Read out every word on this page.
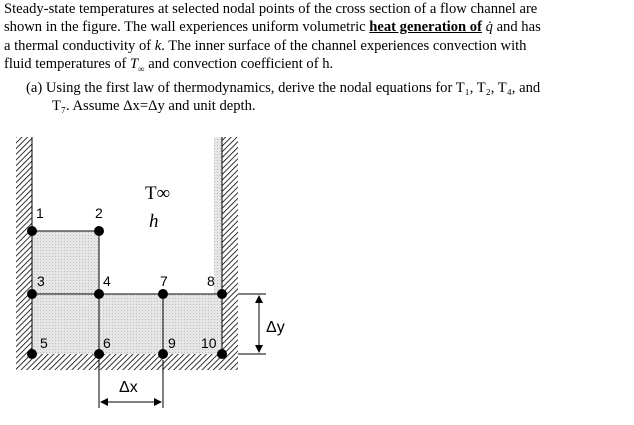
Steady-state temperatures at selected nodal points of the cross section of a flow channel are

shown in the figure. The wall experiences uniform volumetric heat generation of q̇ and has

a thermal conductivity of k. The inner surface of the channel experiences convection with

fluid temperatures of $T_\infty$ and convection coefficient of h.

(a) Using the first law of thermodynamics, derive the nodal equations for T₁, T₂, T₄, and
T₇. Assume Δx=Δy and unit depth.

1	2
3	4	7	8
5	6	9 10
T∞
h
Δx
Δy
